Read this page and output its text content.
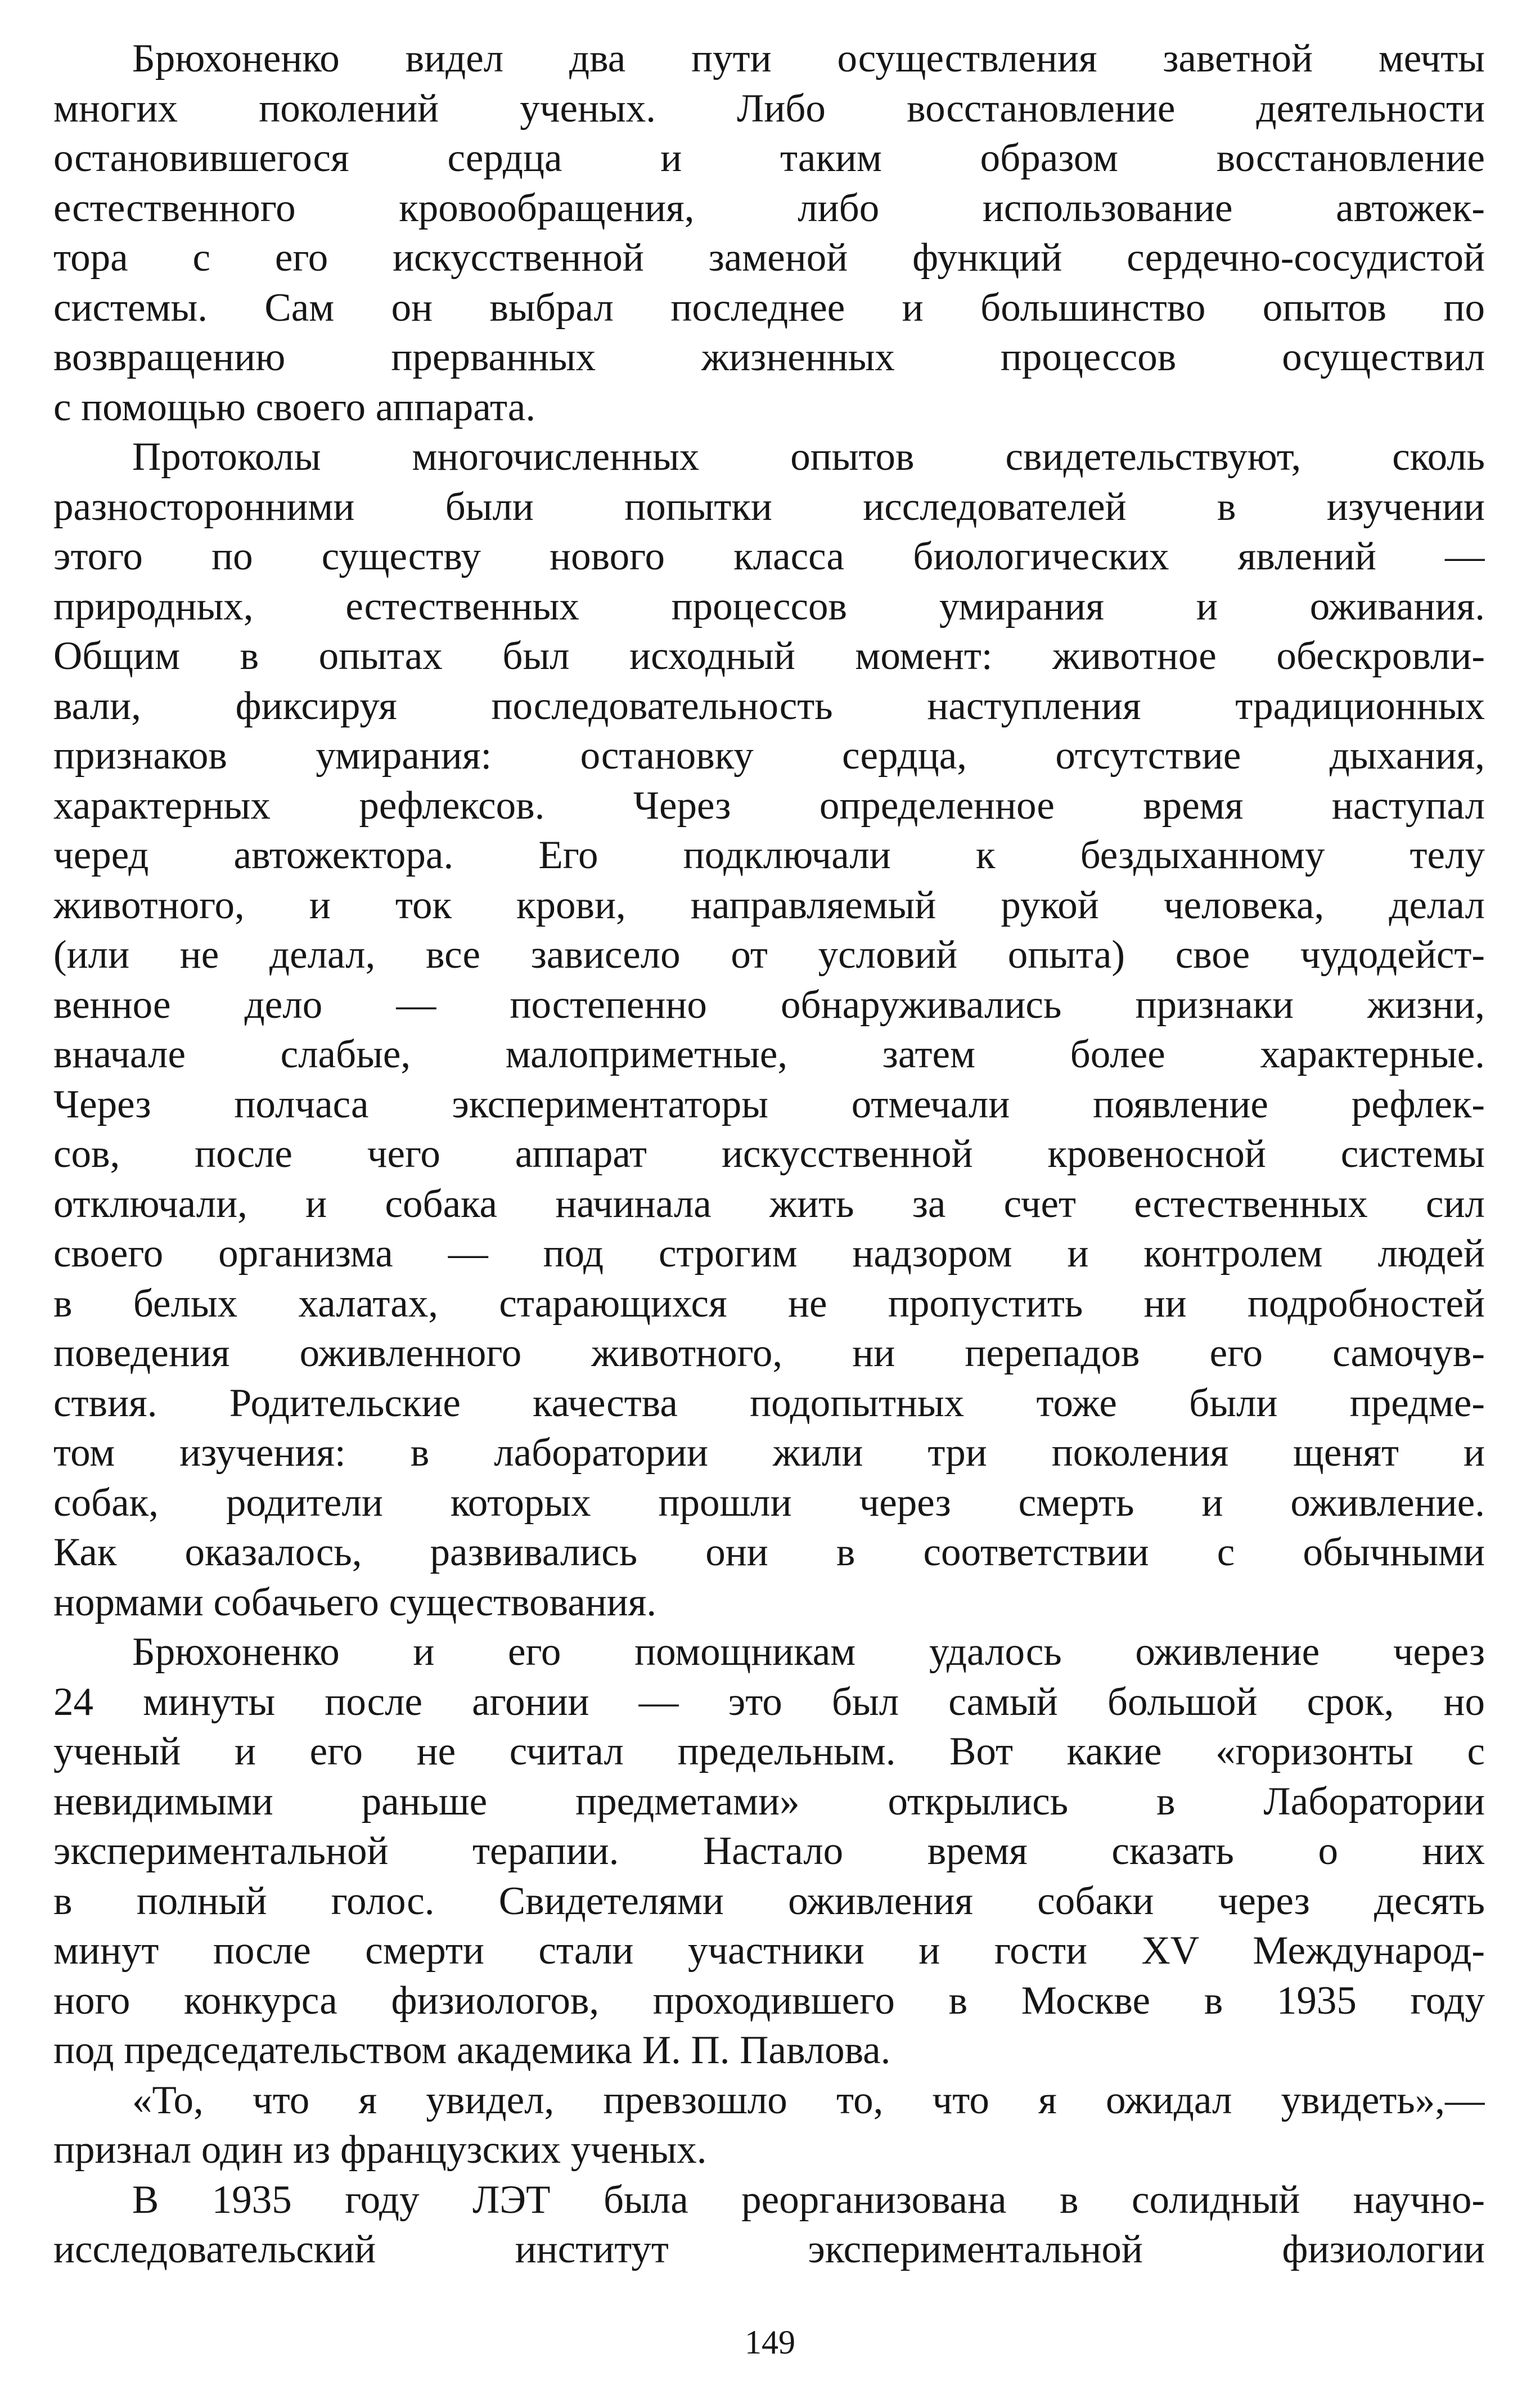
Брюхоненко видел два пути осуществления заветной мечты
многих поколений ученых. Либо восстановление деятельности
остановившегося сердца и таким образом восстановление
естественного кровообращения, либо использование автожек-
тора с его искусственной заменой функций сердечно-сосудистой
системы. Сам он выбрал последнее и большинство опытов по
возвращению прерванных жизненных процессов осуществил
с помощью своего аппарата.
Протоколы многочисленных опытов свидетельствуют, сколь
разносторонними были попытки исследователей в изучении
этого по существу нового класса биологических явлений —
природных, естественных процессов умирания и оживания.
Общим в опытах был исходный момент: животное обескровли-
вали, фиксируя последовательность наступления традиционных
признаков умирания: остановку сердца, отсутствие дыхания,
характерных рефлексов. Через определенное время наступал
черед автожектора. Его подключали к бездыханному телу
животного, и ток крови, направляемый рукой человека, делал
(или не делал, все зависело от условий опыта) свое чудодейст-
венное дело — постепенно обнаруживались признаки жизни,
вначале слабые, малоприметные, затем более характерные.
Через полчаса экспериментаторы отмечали появление рефлек-
сов, после чего аппарат искусственной кровеносной системы
отключали, и собака начинала жить за счет естественных сил
своего организма — под строгим надзором и контролем людей
в белых халатах, старающихся не пропустить ни подробностей
поведения оживленного животного, ни перепадов его самочув-
ствия. Родительские качества подопытных тоже были предме-
том изучения: в лаборатории жили три поколения щенят и
собак, родители которых прошли через смерть и оживление.
Как оказалось, развивались они в соответствии с обычными
нормами собачьего существования.
Брюхоненко и его помощникам удалось оживление через
24 минуты после агонии — это был самый большой срок, но
ученый и его не считал предельным. Вот какие «горизонты с
невидимыми раньше предметами» открылись в Лаборатории
экспериментальной терапии. Настало время сказать о них
в полный голос. Свидетелями оживления собаки через десять
минут после смерти стали участники и гости XV Международ-
ного конкурса физиологов, проходившего в Москве в 1935 году
под председательством академика И. П. Павлова.
«То, что я увидел, превзошло то, что я ожидал увидеть»,—
признал один из французских ученых.
В 1935 году ЛЭТ была реорганизована в солидный научно-
исследовательский институт экспериментальной физиологии
149
